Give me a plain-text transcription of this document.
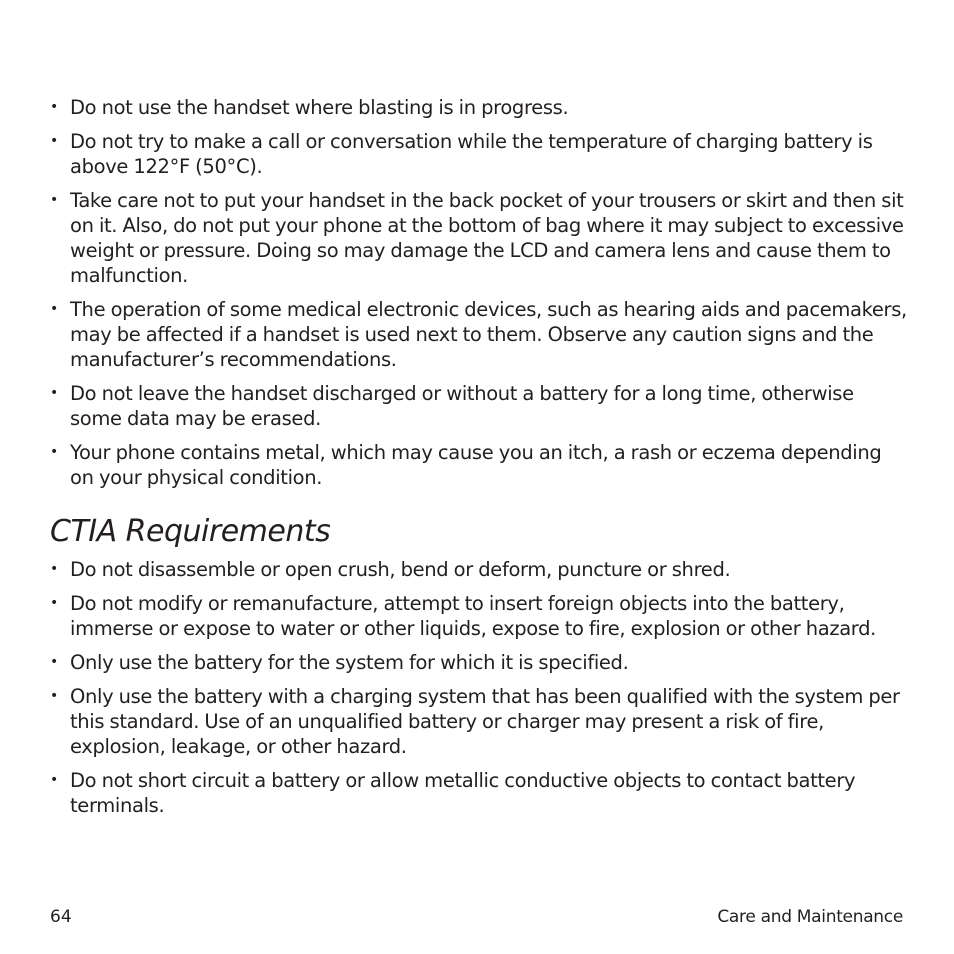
• Do not use the handset where blasting is in progress.
• Do not try to make a call or conversation while the temperature of charging battery is above 122°F (50°C).
• Take care not to put your handset in the back pocket of your trousers or skirt and then sit on it. Also, do not put your phone at the bottom of bag where it may subject to excessive weight or pressure. Doing so may damage the LCD and camera lens and cause them to malfunction.
• The operation of some medical electronic devices, such as hearing aids and pacemakers, may be affected if a handset is used next to them. Observe any caution signs and the manufacturer’s recommendations.
• Do not leave the handset discharged or without a battery for a long time, otherwise some data may be erased.
• Your phone contains metal, which may cause you an itch, a rash or eczema depending on your physical condition.
CTIA Requirements
• Do not disassemble or open crush, bend or deform, puncture or shred.
• Do not modify or remanufacture, attempt to insert foreign objects into the battery, immerse or expose to water or other liquids, expose to fire, explosion or other hazard.
• Only use the battery for the system for which it is specified.
• Only use the battery with a charging system that has been qualified with the system per this standard. Use of an unqualified battery or charger may present a risk of fire, explosion, leakage, or other hazard.
• Do not short circuit a battery or allow metallic conductive objects to contact battery terminals.
64	Care and Maintenance
